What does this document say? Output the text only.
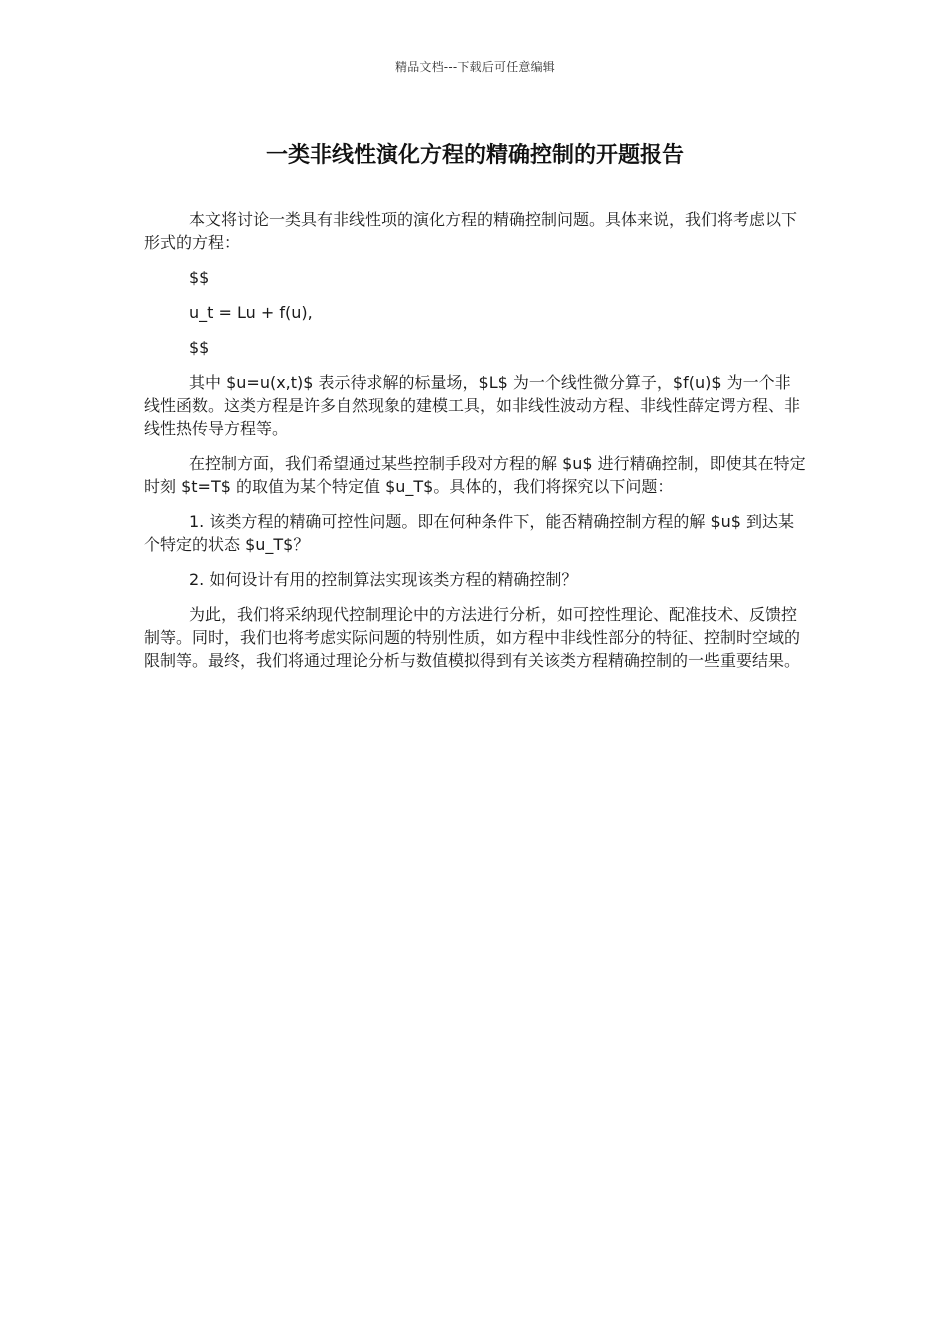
精品文档---下载后可任意编辑
一类非线性演化方程的精确控制的开题报告

本文将讨论一类具有非线性项的演化方程的精确控制问题。具体来说，我们将考虑以下形式的方程：

$$

u_t = Lu + f(u),

$$

其中 $u=u(x,t)$ 表示待求解的标量场，$L$ 为一个线性微分算子，$f(u)$ 为一个非线性函数。这类方程是许多自然现象的建模工具，如非线性波动方程、非线性薛定谔方程、非线性热传导方程等。

在控制方面，我们希望通过某些控制手段对方程的解 $u$ 进行精确控制，即使其在特定时刻 $t=T$ 的取值为某个特定值 $u_T$。具体的，我们将探究以下问题：

1. 该类方程的精确可控性问题。即在何种条件下，能否精确控制方程的解 $u$ 到达某个特定的状态 $u_T$？

2. 如何设计有用的控制算法实现该类方程的精确控制？

为此，我们将采纳现代控制理论中的方法进行分析，如可控性理论、配准技术、反馈控制等。同时，我们也将考虑实际问题的特别性质，如方程中非线性部分的特征、控制时空域的限制等。最终，我们将通过理论分析与数值模拟得到有关该类方程精确控制的一些重要结果。
